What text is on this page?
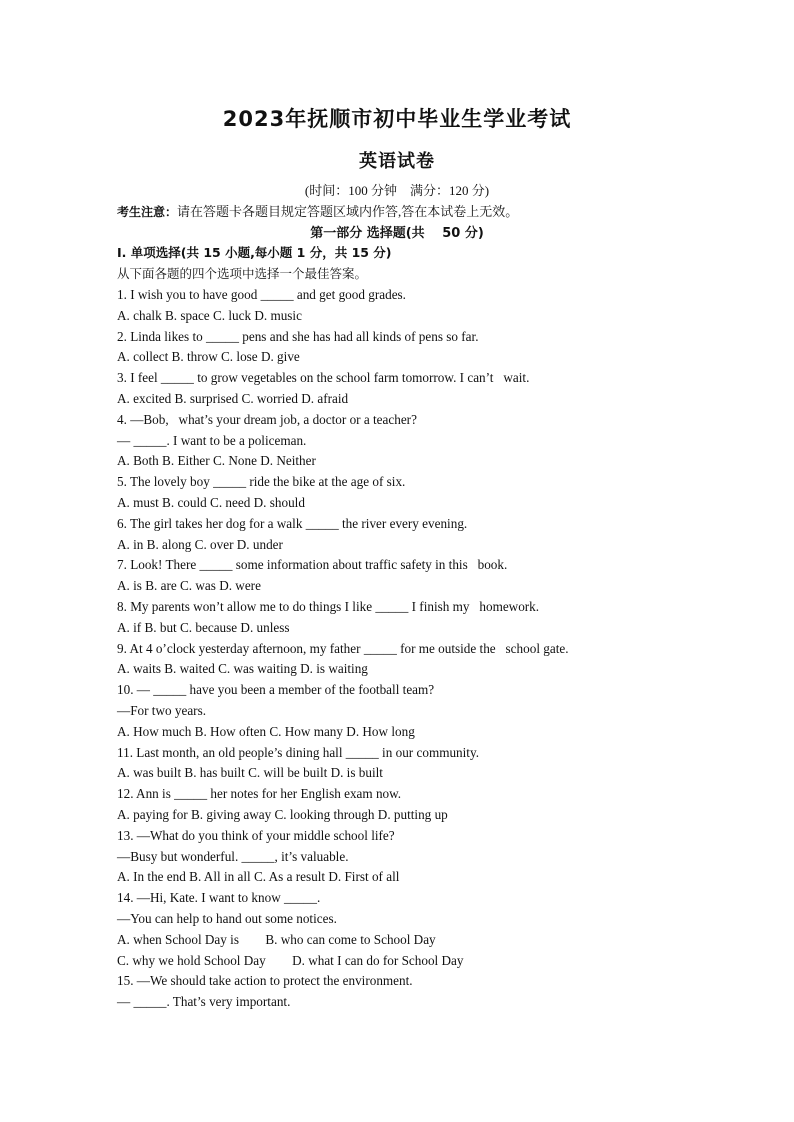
2023年抚顺市初中毕业生学业考试
英语试卷
(时间：100 分钟　满分：120 分)
考生注意：请在答题卡各题目规定答题区域内作答,答在本试卷上无效。
第一部分 选择题(共　 50 分)
I. 单项选择(共 15 小题,每小题 1 分，共 15 分)
从下面各题的四个选项中选择一个最佳答案。
1. I wish you to have good _____ and get good grades.
A. chalk B. space C. luck D. music
2. Linda likes to _____ pens and she has had all kinds of pens so far.
A. collect B. throw C. lose D. give
3. I feel _____ to grow vegetables on the school farm tomorrow. I can’t   wait.
A. excited B. surprised C. worried D. afraid
4. —Bob,   what’s your dream job, a doctor or a teacher?
— _____. I want to be a policeman.
A. Both B. Either C. None D. Neither
5. The lovely boy _____ ride the bike at the age of six.
A. must B. could C. need D. should
6. The girl takes her dog for a walk _____ the river every evening.
A. in B. along C. over D. under
7. Look! There _____ some information about traffic safety in this   book.
A. is B. are C. was D. were
8. My parents won’t allow me to do things I like _____ I finish my   homework.
A. if B. but C. because D. unless
9. At 4 o’clock yesterday afternoon, my father _____ for me outside the   school gate.
A. waits B. waited C. was waiting D. is waiting
10. — _____ have you been a member of the football team?
—For two years.
A. How much B. How often C. How many D. How long
11. Last month, an old people’s dining hall _____ in our community.
A. was built B. has built C. will be built D. is built
12. Ann is _____ her notes for her English exam now.
A. paying for B. giving away C. looking through D. putting up
13. —What do you think of your middle school life?
—Busy but wonderful. _____, it’s valuable.
A. In the end B. All in all C. As a result D. First of all
14. —Hi, Kate. I want to know _____.
—You can help to hand out some notices.
A. when School Day is        B. who can come to School Day
C. why we hold School Day        D. what I can do for School Day
15. —We should take action to protect the environment.
— _____. That’s very important.
